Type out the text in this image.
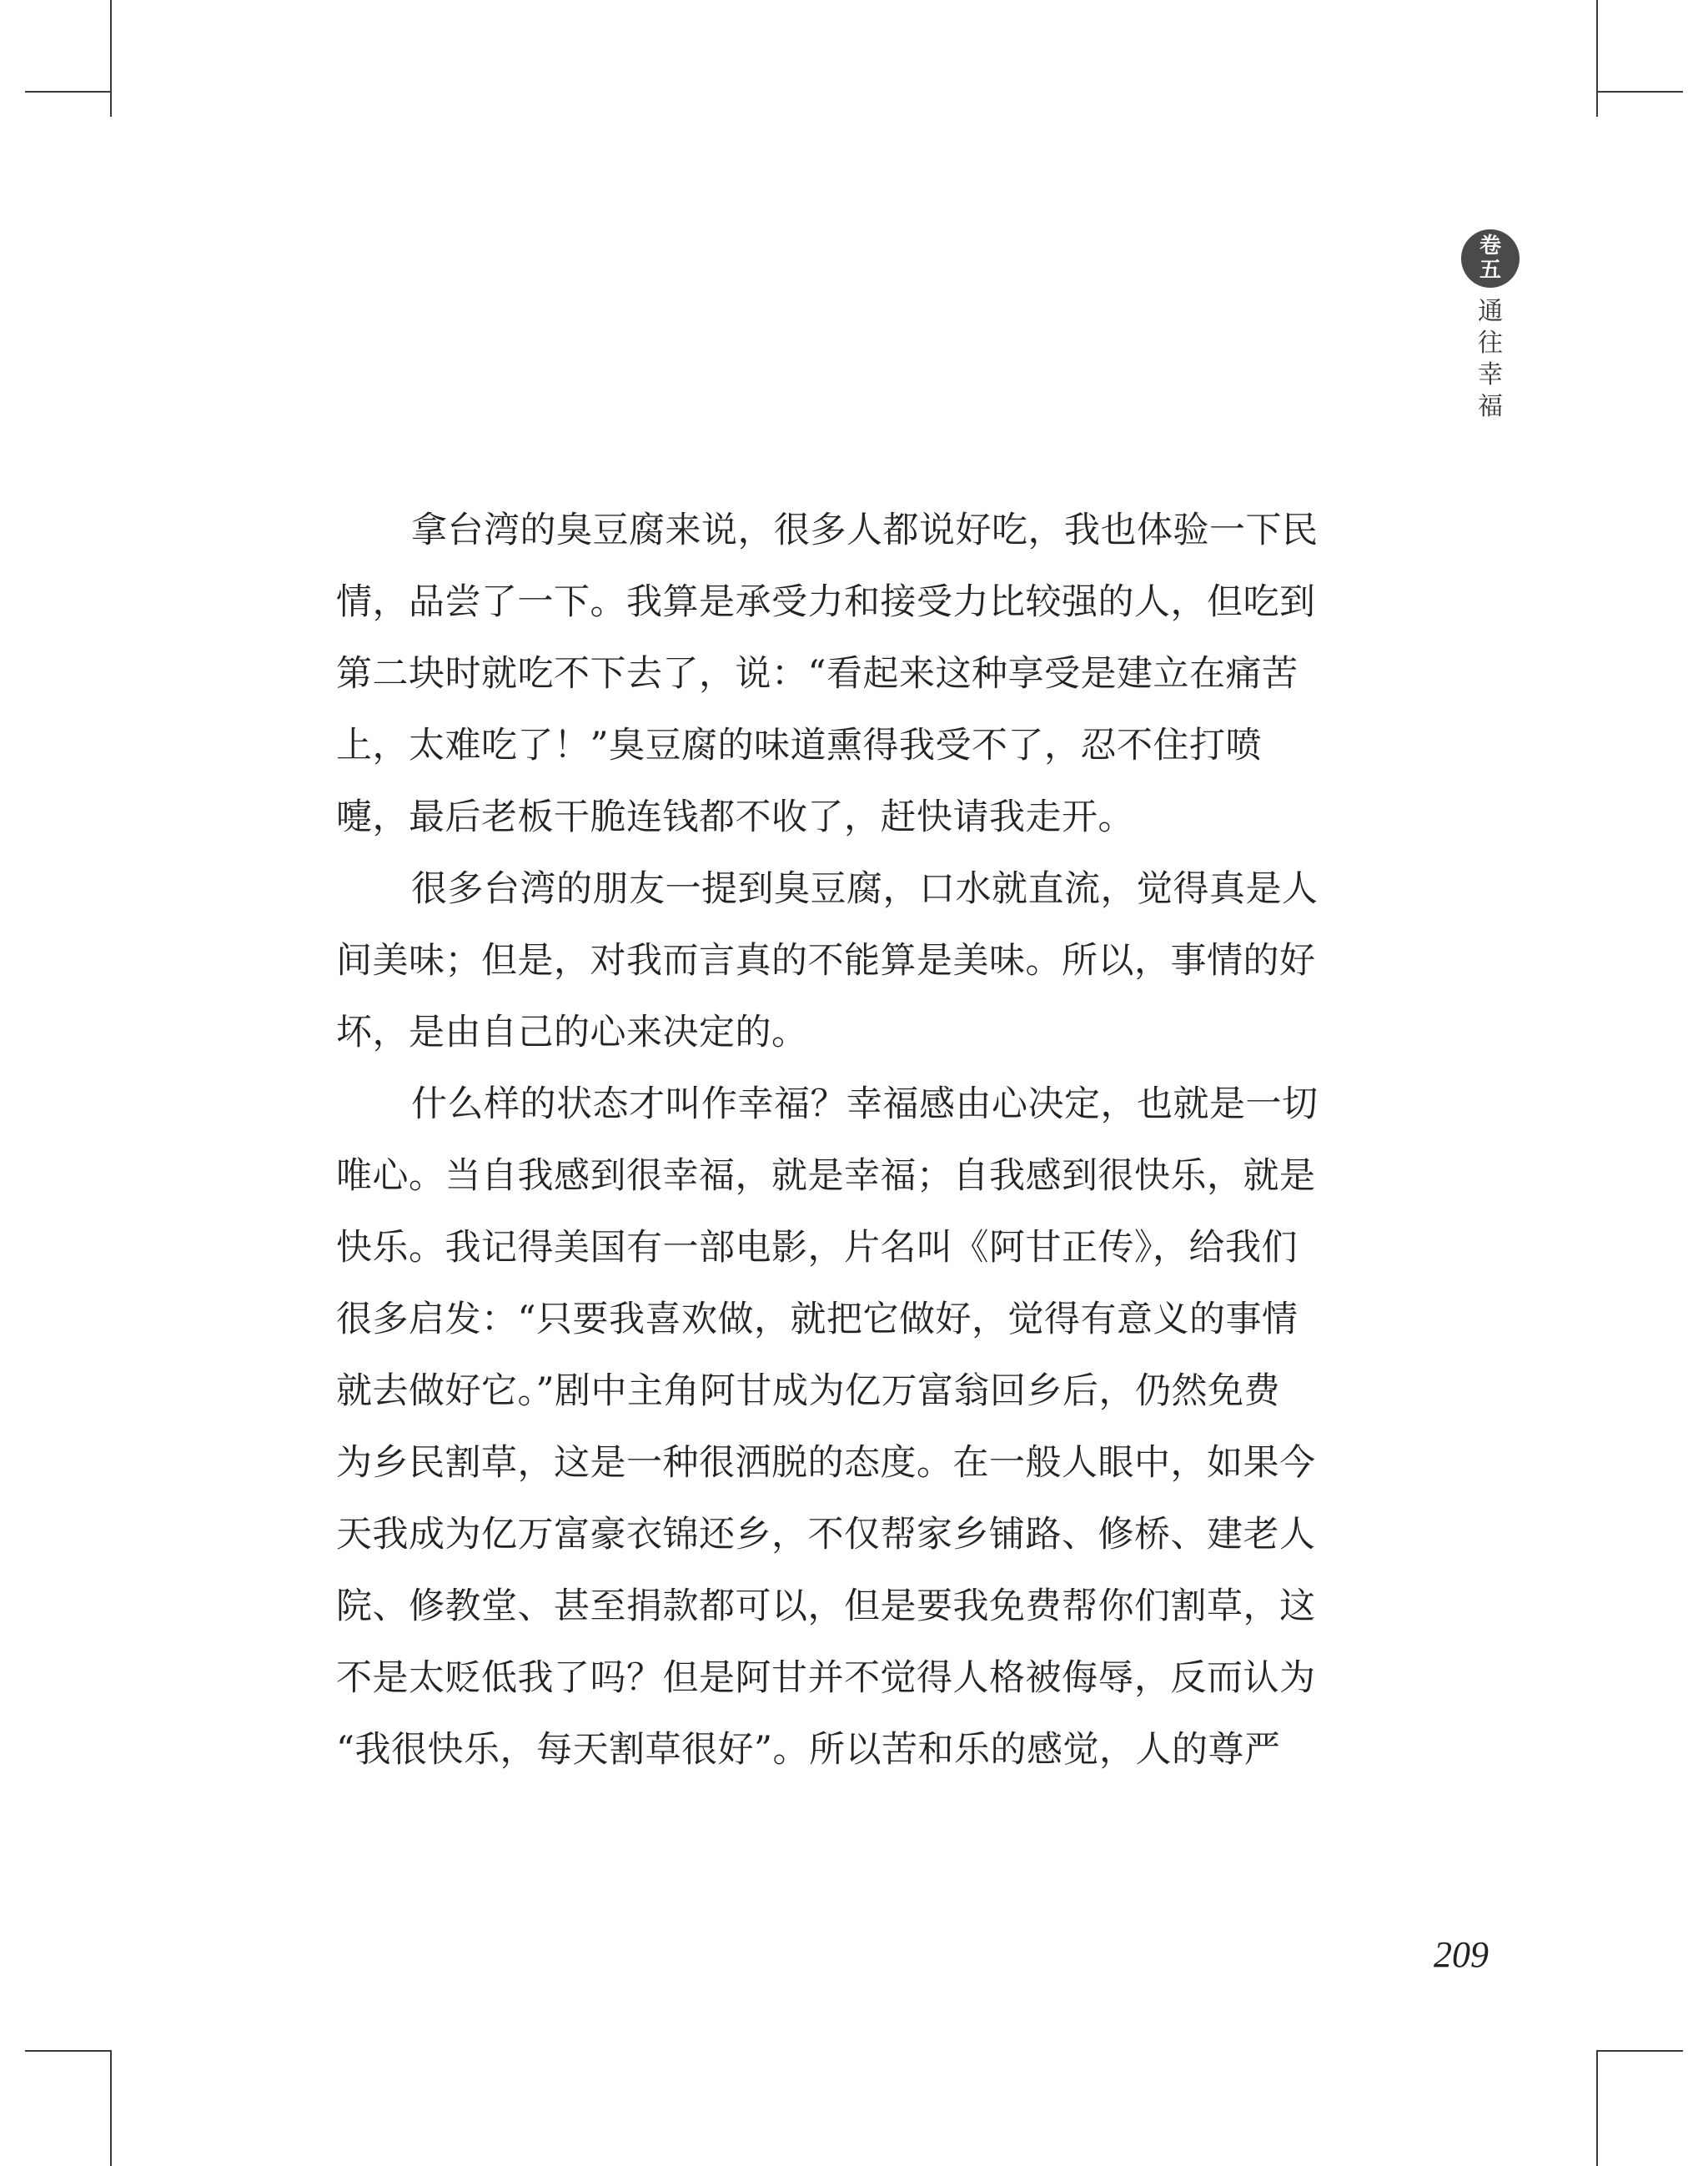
卷
五
通
往
幸
福
拿台湾的臭豆腐来说，很多人都说好吃，我也体验一下民
情，品尝了一下。我算是承受力和接受力比较强的人，但吃到
第二块时就吃不下去了，说：“看起来这种享受是建立在痛苦
上，太难吃了！”臭豆腐的味道熏得我受不了，忍不住打喷
嚏，最后老板干脆连钱都不收了，赶快请我走开。
很多台湾的朋友一提到臭豆腐，口水就直流，觉得真是人
间美味；但是，对我而言真的不能算是美味。所以，事情的好
坏，是由自己的心来决定的。
什么样的状态才叫作幸福？幸福感由心决定，也就是一切
唯心。当自我感到很幸福，就是幸福；自我感到很快乐，就是
快乐。我记得美国有一部电影，片名叫《阿甘正传》，给我们
很多启发：“只要我喜欢做，就把它做好，觉得有意义的事情
就去做好它。”剧中主角阿甘成为亿万富翁回乡后，仍然免费
为乡民割草，这是一种很洒脱的态度。在一般人眼中，如果今
天我成为亿万富豪衣锦还乡，不仅帮家乡铺路、修桥、建老人
院、修教堂、甚至捐款都可以，但是要我免费帮你们割草，这
不是太贬低我了吗？但是阿甘并不觉得人格被侮辱，反而认为
“我很快乐，每天割草很好”。所以苦和乐的感觉，人的尊严
209
